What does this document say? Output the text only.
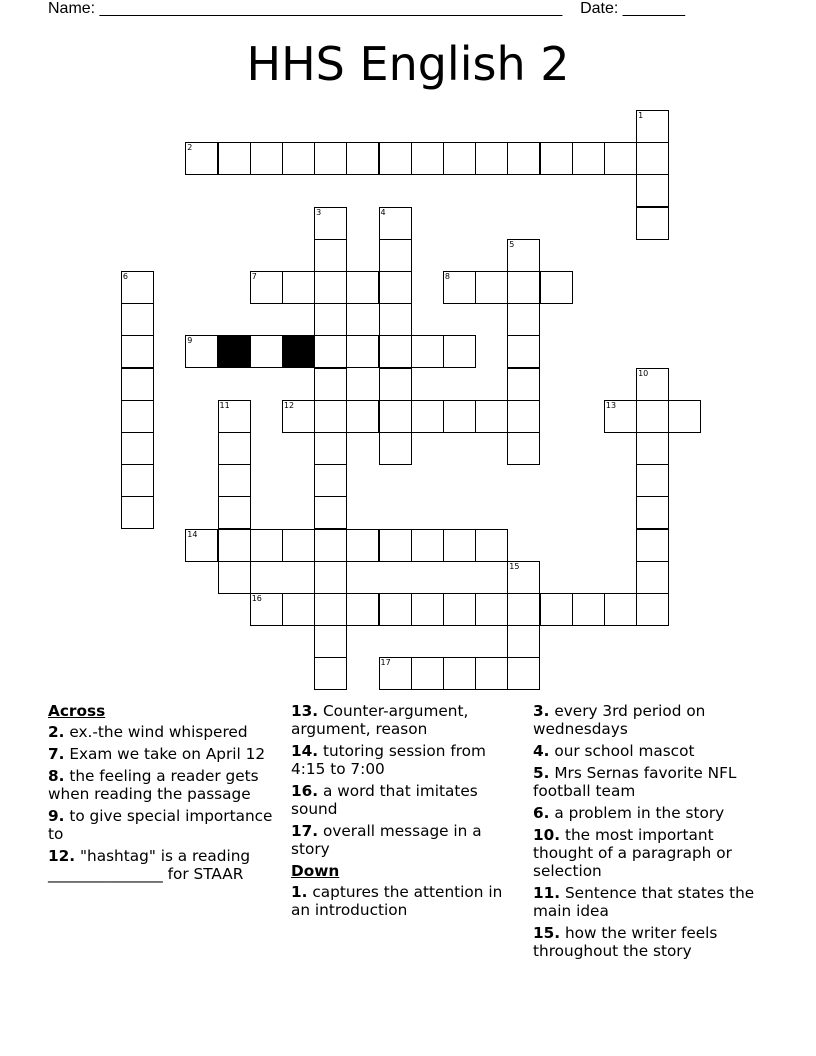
Name: ____________________________________________________ Date: _______
HHS English 2
2
7	8
9
12	13
14
16
17
1
3	4
5
6
10
11
15
Across
2. ex.-the wind whispered
7. Exam we take on April 12
8. the feeling a reader gets when reading the passage
9. to give special importance to
12. "hashtag" is a reading _______________ for STAAR
13. Counter-argument, argument, reason
14. tutoring session from 4:15 to 7:00
16. a word that imitates sound
17. overall message in a story
Down
1. captures the attention in an introduction
3. every 3rd period on wednesdays
4. our school mascot
5. Mrs Sernas favorite NFL football team
6. a problem in the story
10. the most important thought of a paragraph or selection
11. Sentence that states the main idea
15. how the writer feels throughout the story
